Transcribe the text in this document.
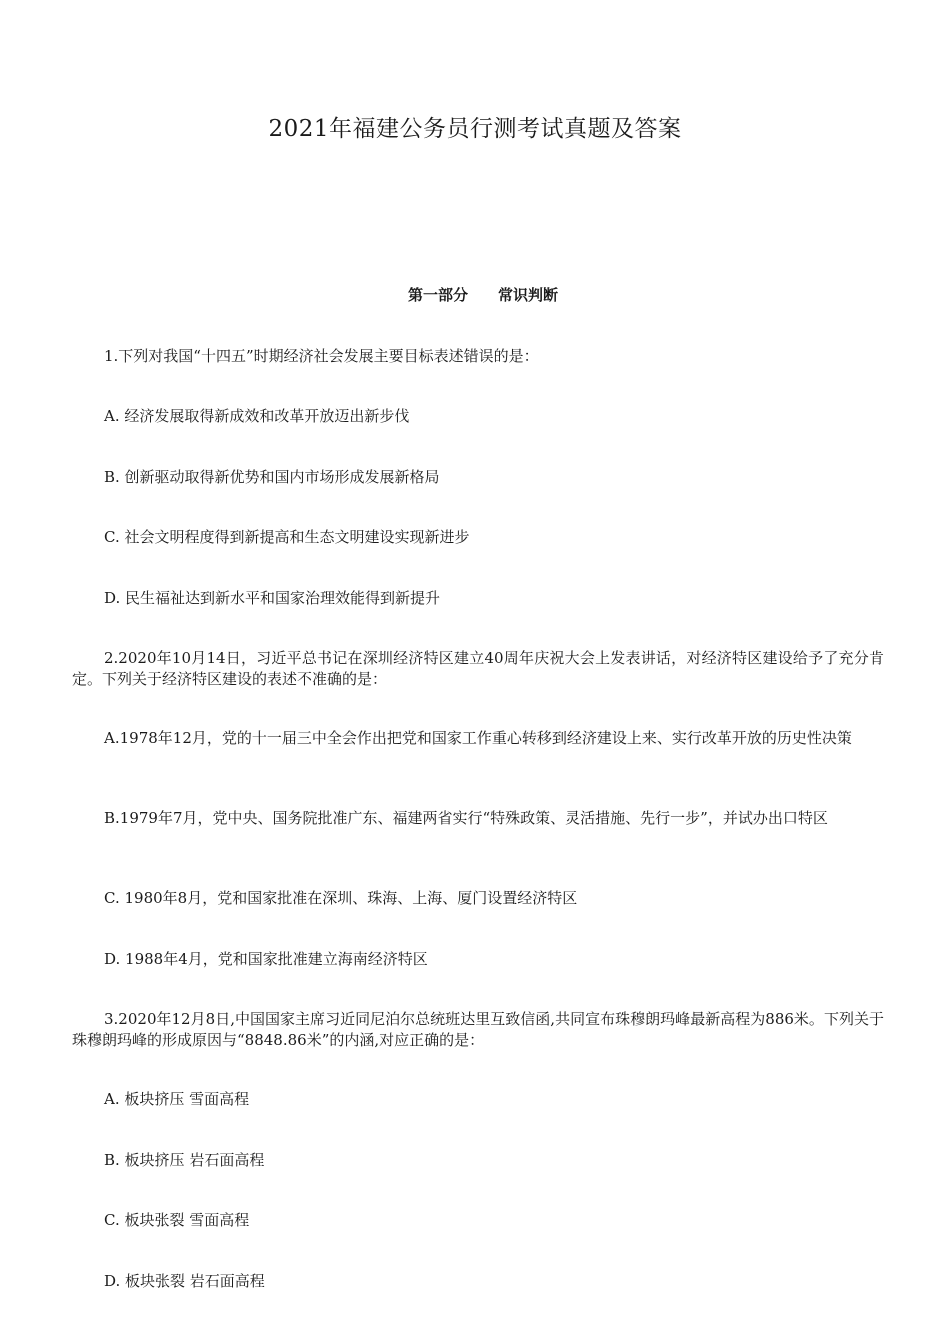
2021年福建公务员行测考试真题及答案
第一部分　　常识判断
1.下列对我国“十四五”时期经济社会发展主要目标表述错误的是：
A. 经济发展取得新成效和改革开放迈出新步伐
B. 创新驱动取得新优势和国内市场形成发展新格局
C. 社会文明程度得到新提高和生态文明建设实现新进步
D. 民生福祉达到新水平和国家治理效能得到新提升
2.2020年10月14日，习近平总书记在深圳经济特区建立40周年庆祝大会上发表讲话，对经济特区建设给予了充分肯定。下列关于经济特区建设的表述不准确的是：
A.1978年12月，党的十一届三中全会作出把党和国家工作重心转移到经济建设上来、实行改革开放的历史性决策
B.1979年7月，党中央、国务院批准广东、福建两省实行“特殊政策、灵活措施、先行一步”，并试办出口特区
C. 1980年8月，党和国家批准在深圳、珠海、上海、厦门设置经济特区
D. 1988年4月，党和国家批准建立海南经济特区
3.2020年12月8日,中国国家主席习近同尼泊尔总统班达里互致信函,共同宣布珠穆朗玛峰最新高程为886米。下列关于珠穆朗玛峰的形成原因与“8848.86米”的内涵,对应正确的是：
A. 板块挤压 雪面高程
B. 板块挤压 岩石面高程
C. 板块张裂 雪面高程
D. 板块张裂 岩石面高程
